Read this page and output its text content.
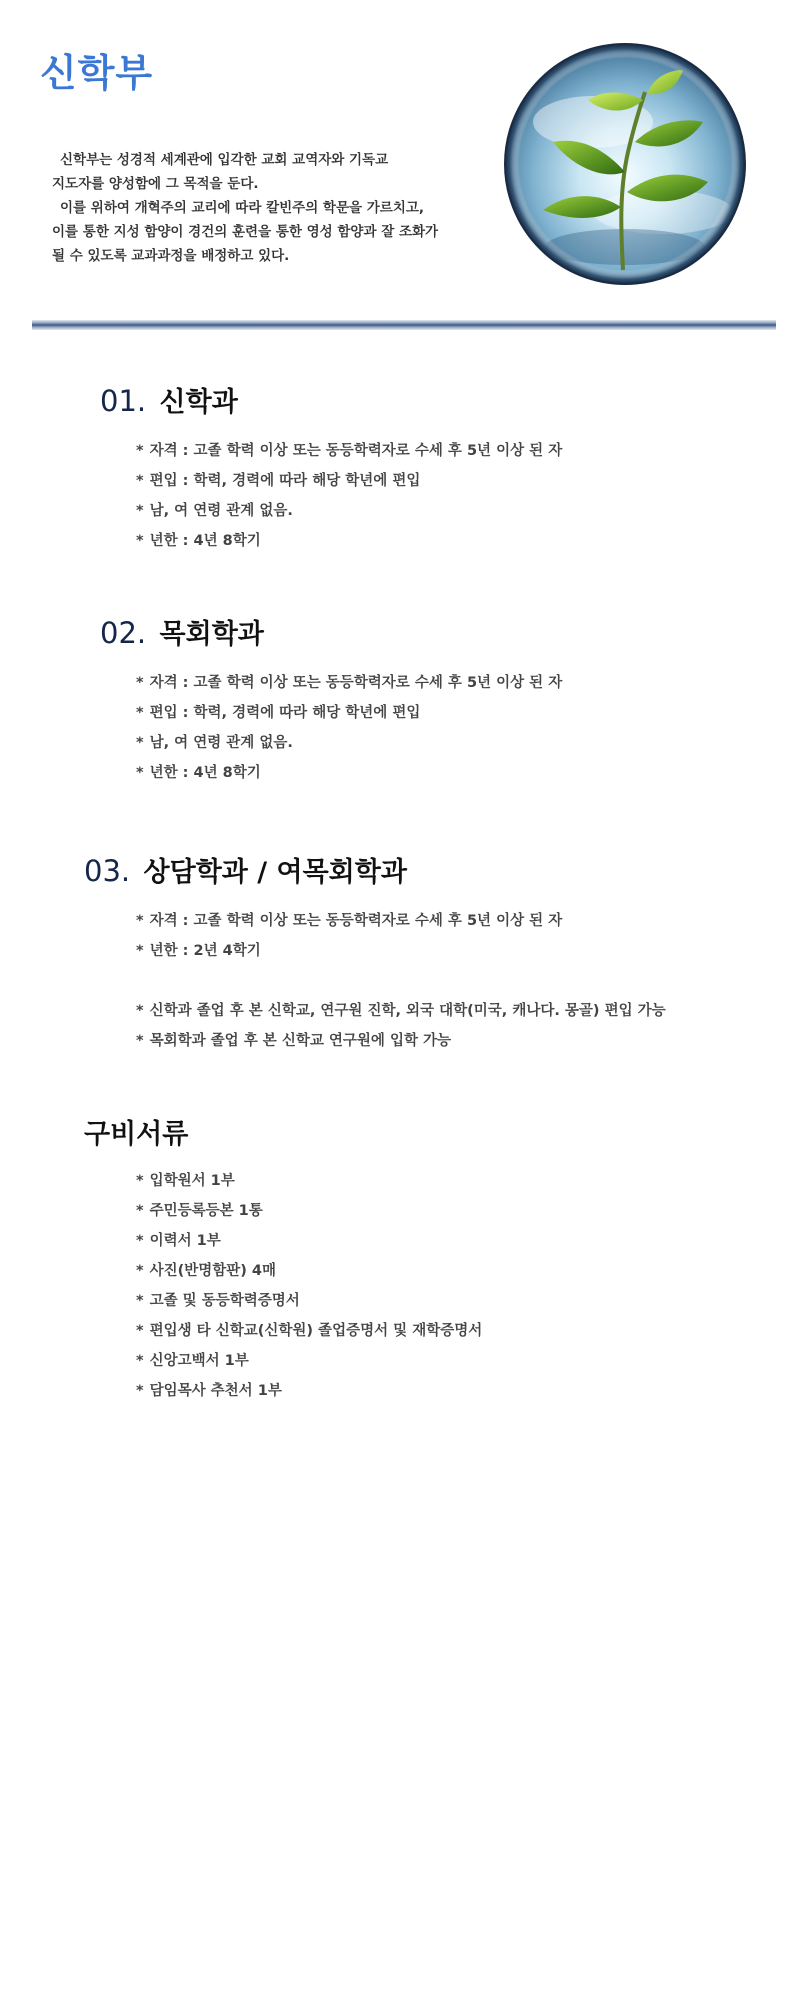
신학부
신학부는 성경적 세계관에 입각한 교회 교역자와 기독교
지도자를 양성함에 그 목적을 둔다.
이를 위하여 개혁주의 교리에 따라 칼빈주의 학문을 가르치고,
이를 통한 지성 함양이 경건의 훈련을 통한 영성 함양과 잘 조화가
될 수 있도록 교과과정을 배정하고 있다.
01. 신학과
* 자격 : 고졸 학력 이상 또는 동등학력자로 수세 후 5년 이상 된 자
* 편입 : 학력, 경력에 따라 해당 학년에 편입
* 남, 여 연령 관계 없음.
* 년한 : 4년 8학기
02. 목회학과
* 자격 : 고졸 학력 이상 또는 동등학력자로 수세 후 5년 이상 된 자
* 편입 : 학력, 경력에 따라 해당 학년에 편입
* 남, 여 연령 관계 없음.
* 년한 : 4년 8학기
03. 상담학과 / 여목회학과
* 자격 : 고졸 학력 이상 또는 동등학력자로 수세 후 5년 이상 된 자
* 년한 : 2년 4학기
* 신학과 졸업 후 본 신학교, 연구원 진학, 외국 대학(미국, 캐나다. 몽골) 편입 가능
* 목회학과 졸업 후 본 신학교 연구원에 입학 가능
구비서류
* 입학원서 1부
* 주민등록등본 1통
* 이력서 1부
* 사진(반명함판) 4매
* 고졸 및 동등학력증명서
* 편입생 타 신학교(신학원) 졸업증명서 및 재학증명서
* 신앙고백서 1부
* 담임목사 추천서 1부
